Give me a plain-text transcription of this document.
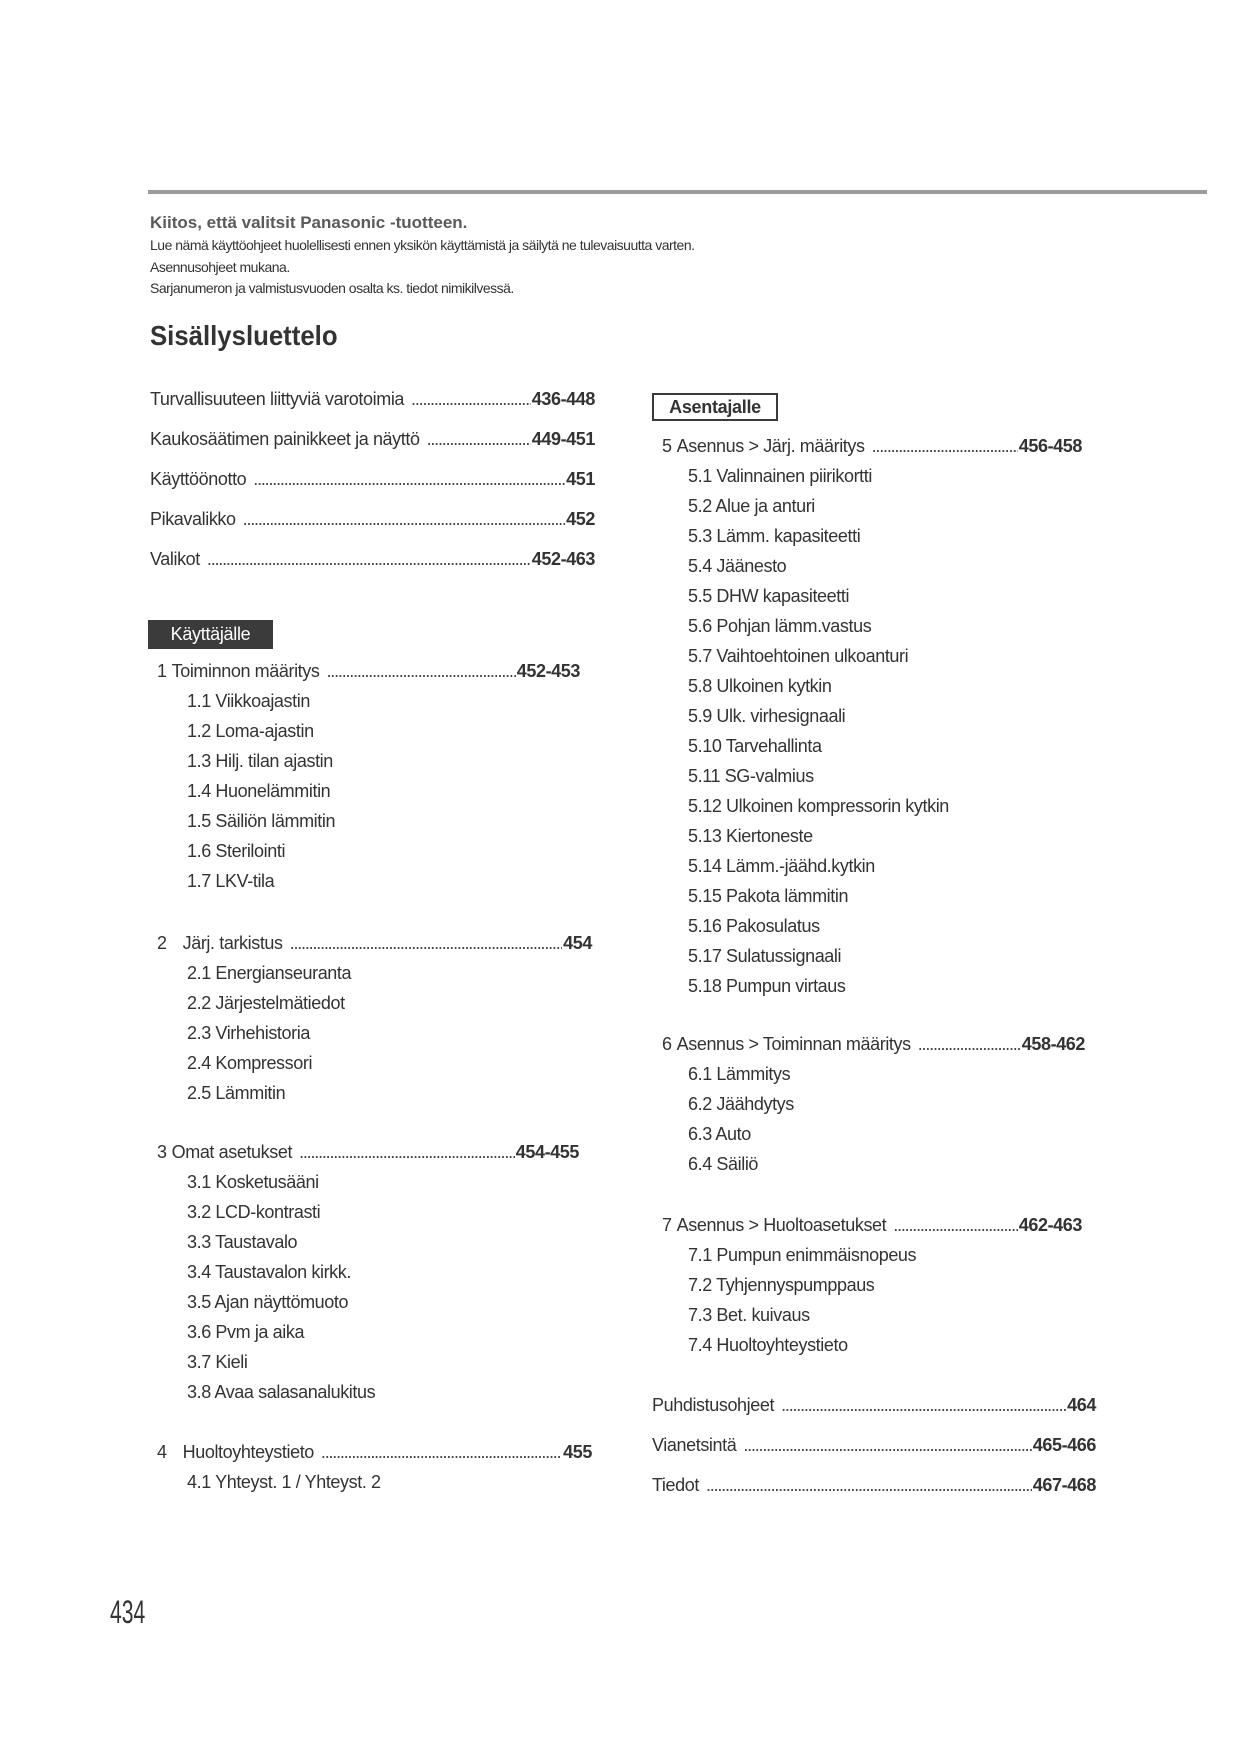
Kiitos, että valitsit Panasonic -tuotteen.
Lue nämä käyttöohjeet huolellisesti ennen yksikön käyttämistä ja säilytä ne tulevaisuutta varten.
Asennusohjeet mukana.
Sarjanumeron ja valmistusvuoden osalta ks. tiedot nimikilvessä.
Sisällysluettelo
Turvallisuuteen liittyviä varotoimia .....	436-448
Kaukosäätimen painikkeet ja näyttö .....	449-451
Käyttöönotto .....	451
Pikavalikko .....	452
Valikot .....	452-463
Käyttäjälle
1 Toiminnon määritys .....	452-453
1.1 Viikkoajastin
1.2 Loma-ajastin
1.3 Hilj. tilan ajastin
1.4 Huonelämmitin
1.5 Säiliön lämmitin
1.6 Sterilointi
1.7 LKV-tila
2 Järj. tarkistus .....	454
2.1 Energianseuranta
2.2 Järjestelmätiedot
2.3 Virhehistoria
2.4 Kompressori
2.5 Lämmitin
3 Omat asetukset .....	454-455
3.1 Kosketusääni
3.2 LCD-kontrasti
3.3 Taustavalo
3.4 Taustavalon kirkk.
3.5 Ajan näyttömuoto
3.6 Pvm ja aika
3.7 Kieli
3.8 Avaa salasanalukitus
4 Huoltoyhteystieto .....	455
4.1 Yhteyst. 1 / Yhteyst. 2
Asentajalle
5 Asennus > Järj. määritys .....	456-458
5.1 Valinnainen piirikortti
5.2 Alue ja anturi
5.3 Lämm. kapasiteetti
5.4 Jäänesto
5.5 DHW kapasiteetti
5.6 Pohjan lämm.vastus
5.7 Vaihtoehtoinen ulkoanturi
5.8 Ulkoinen kytkin
5.9 Ulk. virhesignaali
5.10 Tarvehallinta
5.11 SG-valmius
5.12 Ulkoinen kompressorin kytkin
5.13 Kiertoneste
5.14 Lämm.-jäähd.kytkin
5.15 Pakota lämmitin
5.16 Pakosulatus
5.17 Sulatussignaali
5.18 Pumpun virtaus
6 Asennus > Toiminnan määritys .....	458-462
6.1 Lämmitys
6.2 Jäähdytys
6.3 Auto
6.4 Säiliö
7 Asennus > Huoltoasetukset .....	462-463
7.1 Pumpun enimmäisnopeus
7.2 Tyhjennyspumppaus
7.3 Bet. kuivaus
7.4 Huoltoyhteystieto
Puhdistusohjeet .....	464
Vianetsintä .....	465-466
Tiedot .....	467-468
434
